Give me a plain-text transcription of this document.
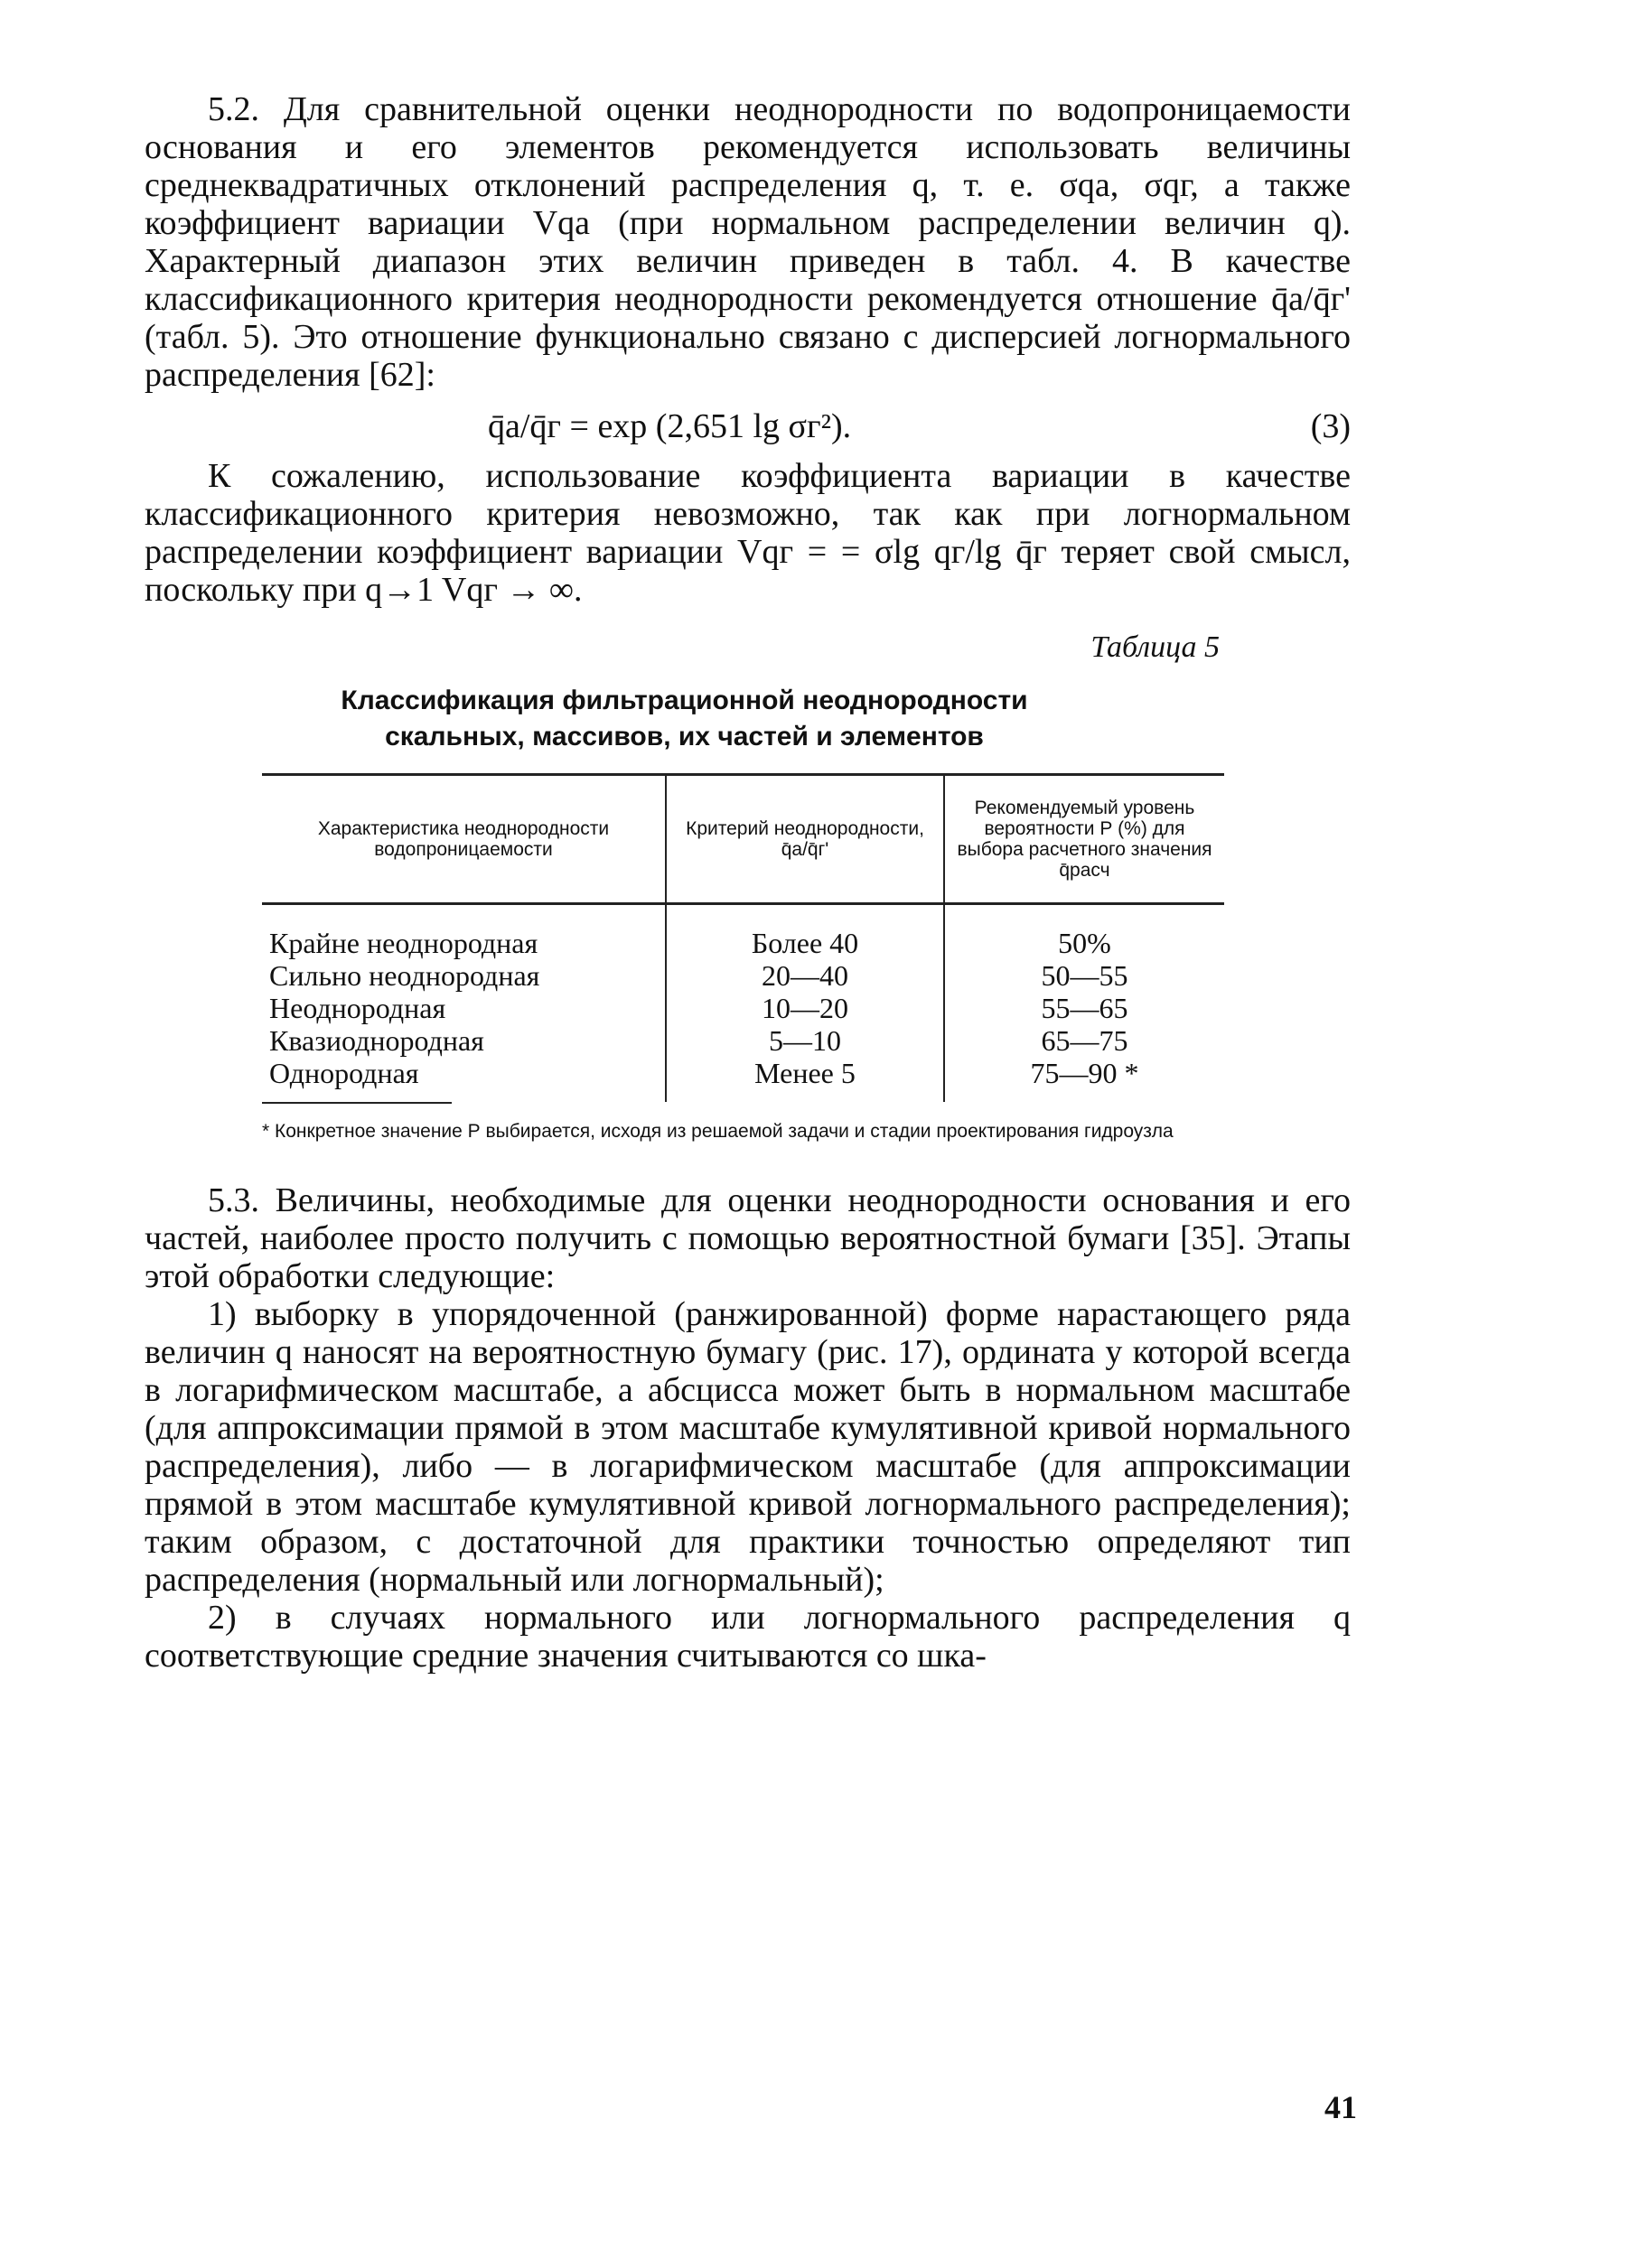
5.2. Для сравнительной оценки неоднородности по водопроницаемости основания и его элементов рекомендуется использовать величины среднеквадратичных отклонений распределения q, т. е. σqа, σqг, а также коэффициент вариации Vqа (при нормальном распределении величин q). Характерный диапазон этих величин приведен в табл. 4. В качестве классификационного критерия неоднородности рекомендуется отношение q̄а/q̄г' (табл. 5). Это отношение функционально связано с дисперсией логнормального распределения [62]:

q̄а/q̄г = exp (2,651 lg σг²).	(3)

К сожалению, использование коэффициента вариации в качестве классификационного критерия невозможно, так как при логнормальном распределении коэффициент вариации Vqг = = σlg qг/lg q̄г теряет свой смысл, поскольку при q→1 Vqг → ∞.

Таблица 5
Классификация фильтрационной неоднородности
скальных, массивов, их частей и элементов
Характеристика неоднородности водопроницаемости	Критерий неоднородности, q̄а/q̄г'	Рекомендуемый уровень вероятности Р (%) для выбора расчетного значения q̄расч
Крайне неоднородная	Более 40	50%
Сильно неоднородная	20—40	50—55
Неоднородная	10—20	55—65
Квазиоднородная	5—10	65—75
Однородная	Менее 5	75—90 *
* Конкретное значение Р выбирается, исходя из решаемой задачи и стадии проектирования гидроузла

5.3. Величины, необходимые для оценки неоднородности основания и его частей, наиболее просто получить с помощью вероятностной бумаги [35]. Этапы этой обработки следующие:

1) выборку в упорядоченной (ранжированной) форме нарастающего ряда величин q наносят на вероятностную бумагу (рис. 17), ордината у которой всегда в логарифмическом масштабе, а абсцисса может быть в нормальном масштабе (для аппроксимации прямой в этом масштабе кумулятивной кривой нормального распределения), либо — в логарифмическом масштабе (для аппроксимации прямой в этом масштабе кумулятивной кривой логнормального распределения); таким образом, с достаточной для практики точностью определяют тип распределения (нормальный или логнормальный);

2) в случаях нормального или логнормального распределения q соответствующие средние значения считываются со шка-

41
